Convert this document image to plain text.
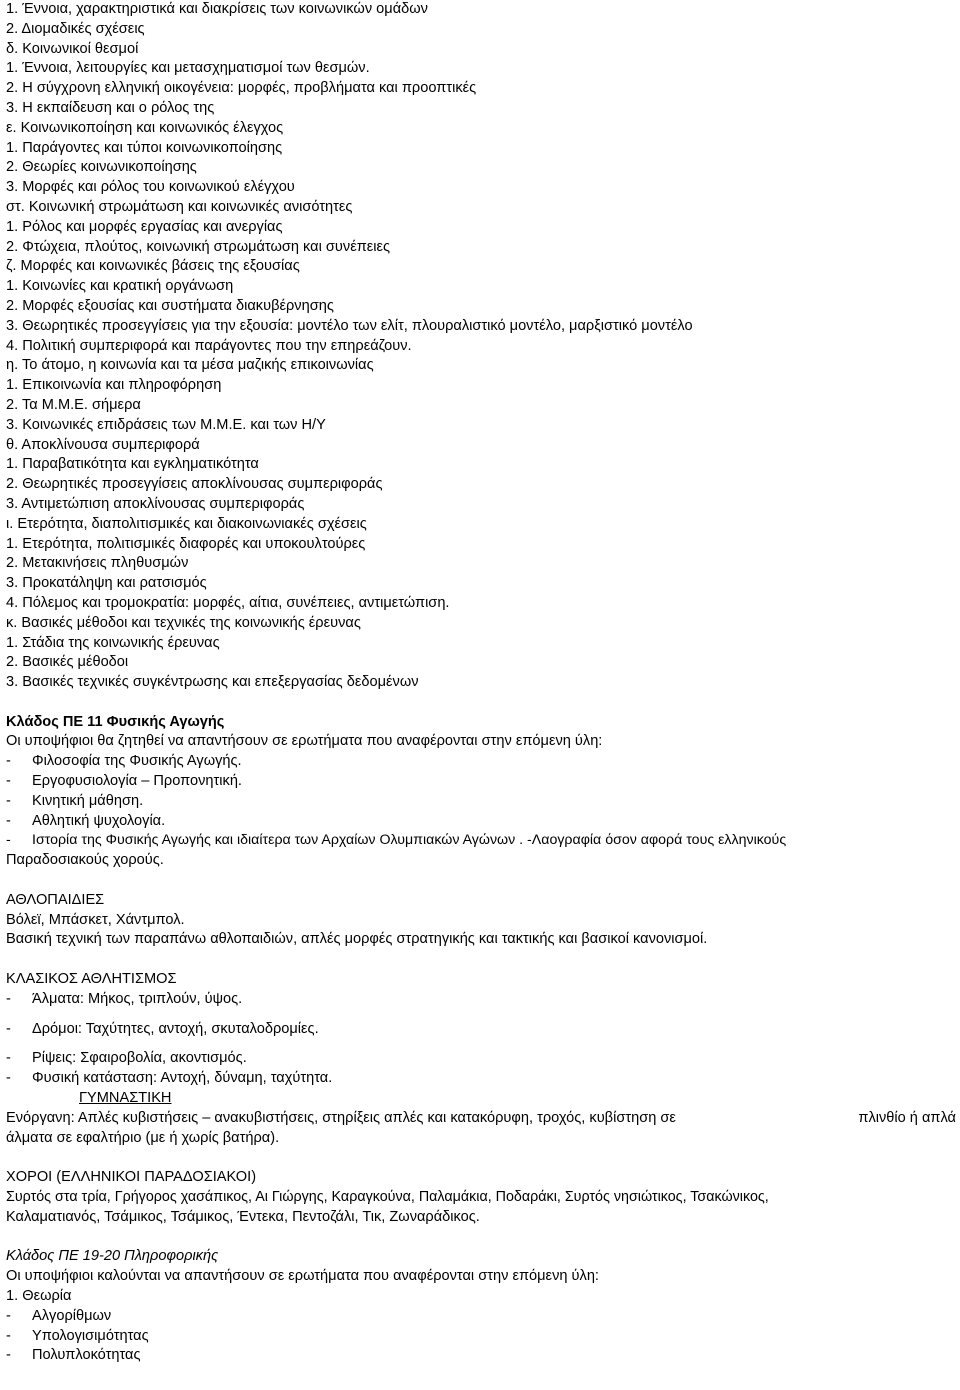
1. Έννοια, χαρακτηριστικά και διακρίσεις των κοινωνικών ομάδων
2. Διομαδικές σχέσεις
δ. Κοινωνικοί θεσμοί
1. Έννοια, λειτουργίες και μετασχηματισμοί των θεσμών.
2. Η σύγχρονη ελληνική οικογένεια: μορφές, προβλήματα και προοπτικές
3. Η εκπαίδευση και ο ρόλος της
ε. Κοινωνικοποίηση και κοινωνικός έλεγχος
1. Παράγοντες και τύποι κοινωνικοποίησης
2. Θεωρίες κοινωνικοποίησης
3. Μορφές και ρόλος του κοινωνικού ελέγχου
στ. Κοινωνική στρωμάτωση και κοινωνικές ανισότητες
1. Ρόλος και μορφές εργασίας και ανεργίας
2. Φτώχεια, πλούτος, κοινωνική στρωμάτωση και συνέπειες
ζ. Μορφές και κοινωνικές βάσεις της εξουσίας
1. Κοινωνίες και κρατική οργάνωση
2. Μορφές εξουσίας και συστήματα διακυβέρνησης
3. Θεωρητικές προσεγγίσεις για την εξουσία: μοντέλο των ελίτ, πλουραλιστικό μοντέλο, μαρξιστικό μοντέλο
4. Πολιτική συμπεριφορά και παράγοντες που την επηρεάζουν.
η. Το άτομο, η κοινωνία και τα μέσα μαζικής επικοινωνίας
1. Επικοινωνία και πληροφόρηση
2. Τα Μ.Μ.Ε. σήμερα
3. Κοινωνικές επιδράσεις των Μ.Μ.Ε. και των Η/Υ
θ. Αποκλίνουσα συμπεριφορά
1. Παραβατικότητα και εγκληματικότητα
2. Θεωρητικές προσεγγίσεις αποκλίνουσας συμπεριφοράς
3. Αντιμετώπιση αποκλίνουσας συμπεριφοράς
ι. Ετερότητα, διαπολιτισμικές και διακοινωνιακές σχέσεις
1. Ετερότητα, πολιτισμικές διαφορές και υποκουλτούρες
2. Μετακινήσεις πληθυσμών
3. Προκατάληψη και ρατσισμός
4. Πόλεμος και τρομοκρατία: μορφές, αίτια, συνέπειες, αντιμετώπιση.
κ. Βασικές μέθοδοι και τεχνικές της κοινωνικής έρευνας
1. Στάδια της κοινωνικής έρευνας
2. Βασικές μέθοδοι
3. Βασικές τεχνικές συγκέντρωσης και επεξεργασίας δεδομένων
Κλάδος ΠΕ 11 Φυσικής Αγωγής
Οι υποψήφιοι θα ζητηθεί να απαντήσουν σε ερωτήματα που αναφέρονται στην επόμενη ύλη:
- Φιλοσοφία της Φυσικής Αγωγής.
- Εργοφυσιολογία – Προπονητική.
- Κινητική μάθηση.
- Αθλητική ψυχολογία.
- Ιστορία της Φυσικής Αγωγής και ιδιαίτερα των Αρχαίων Ολυμπιακών Αγώνων . -Λαογραφία όσον αφορά τους ελληνικούς
Παραδοσιακούς χορούς.
ΑΘΛΟΠΑΙΔΙΕΣ
Βόλεϊ, Μπάσκετ, Χάντμπολ.
Βασική τεχνική των παραπάνω αθλοπαιδιών, απλές μορφές στρατηγικής και τακτικής και βασικοί κανονισμοί.
ΚΛΑΣΙΚΟΣ ΑΘΛΗΤΙΣΜΟΣ
- Άλματα: Μήκος, τριπλούν, ύψος.
- Δρόμοι: Ταχύτητες, αντοχή, σκυταλοδρομίες.
- Ρίψεις: Σφαιροβολία, ακοντισμός.
- Φυσική κατάσταση: Αντοχή, δύναμη, ταχύτητα.
ΓΥΜΝΑΣΤΙΚΗ
Ενόργανη: Απλές κυβιστήσεις – ανακυβιστήσεις, στηρίξεις απλές και κατακόρυφη, τροχός, κυβίστηση σε	πλινθίο ή απλά
άλματα σε εφαλτήριο (με ή χωρίς βατήρα).
ΧΟΡΟΙ (ΕΛΛΗΝΙΚΟΙ ΠΑΡΑΔΟΣΙΑΚΟΙ)
Συρτός στα τρία, Γρήγορος χασάπικος, Αι Γιώργης, Καραγκούνα, Παλαμάκια, Ποδαράκι, Συρτός νησιώτικος, Τσακώνικος,
Καλαματιανός, Τσάμικος, Τσάμικος, Έντεκα, Πεντοζάλι, Τικ, Ζωναράδικος.
Κλάδος ΠΕ 19-20 Πληροφορικής
Οι υποψήφιοι καλούνται να απαντήσουν σε ερωτήματα που αναφέρονται στην επόμενη ύλη:
1. Θεωρία
- Αλγορίθμων
- Υπολογισιμότητας
- Πολυπλοκότητας
